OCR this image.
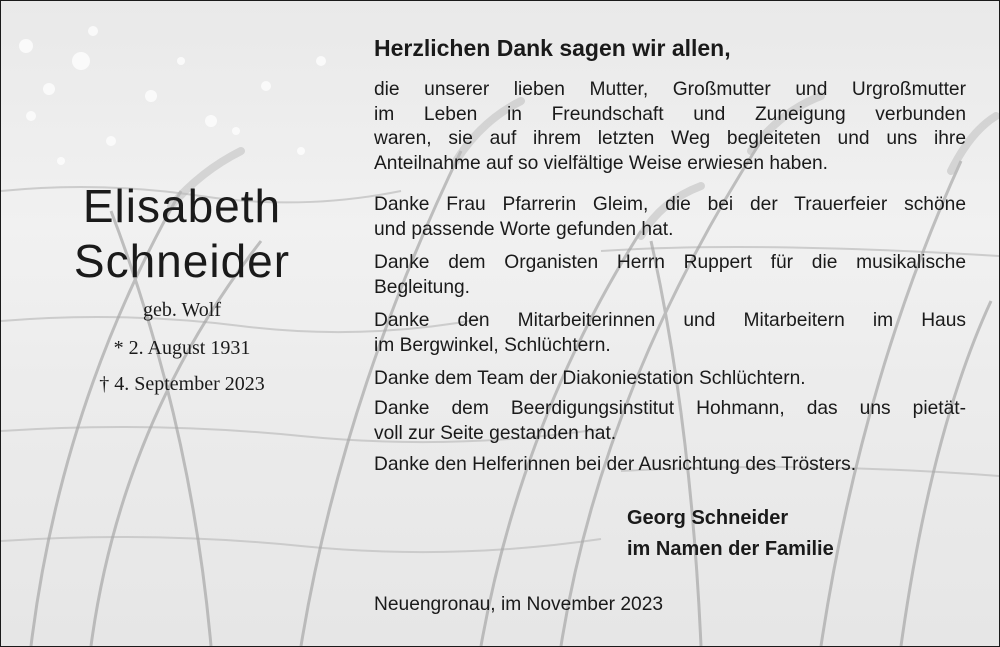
Elisabeth
Schneider
geb. Wolf
* 2. August 1931
† 4. September 2023
Herzlichen Dank sagen wir allen,

die unserer lieben Mutter, Großmutter und Urgroßmutter
im Leben in Freundschaft und Zuneigung verbunden
waren, sie auf ihrem letzten Weg begleiteten und uns ihre
Anteilnahme auf so vielfältige Weise erwiesen haben.

Danke Frau Pfarrerin Gleim, die bei der Trauerfeier schöne
und passende Worte gefunden hat.

Danke dem Organisten Herrn Ruppert für die musikalische
Begleitung.

Danke den Mitarbeiterinnen und Mitarbeitern im Haus
im Bergwinkel, Schlüchtern.

Danke dem Team der Diakoniestation Schlüchtern.

Danke dem Beerdigungsinstitut Hohmann, das uns pietät-
voll zur Seite gestanden hat.

Danke den Helferinnen bei der Ausrichtung des Trösters.

Georg Schneider
im Namen der Familie
Neuengronau, im November 2023
